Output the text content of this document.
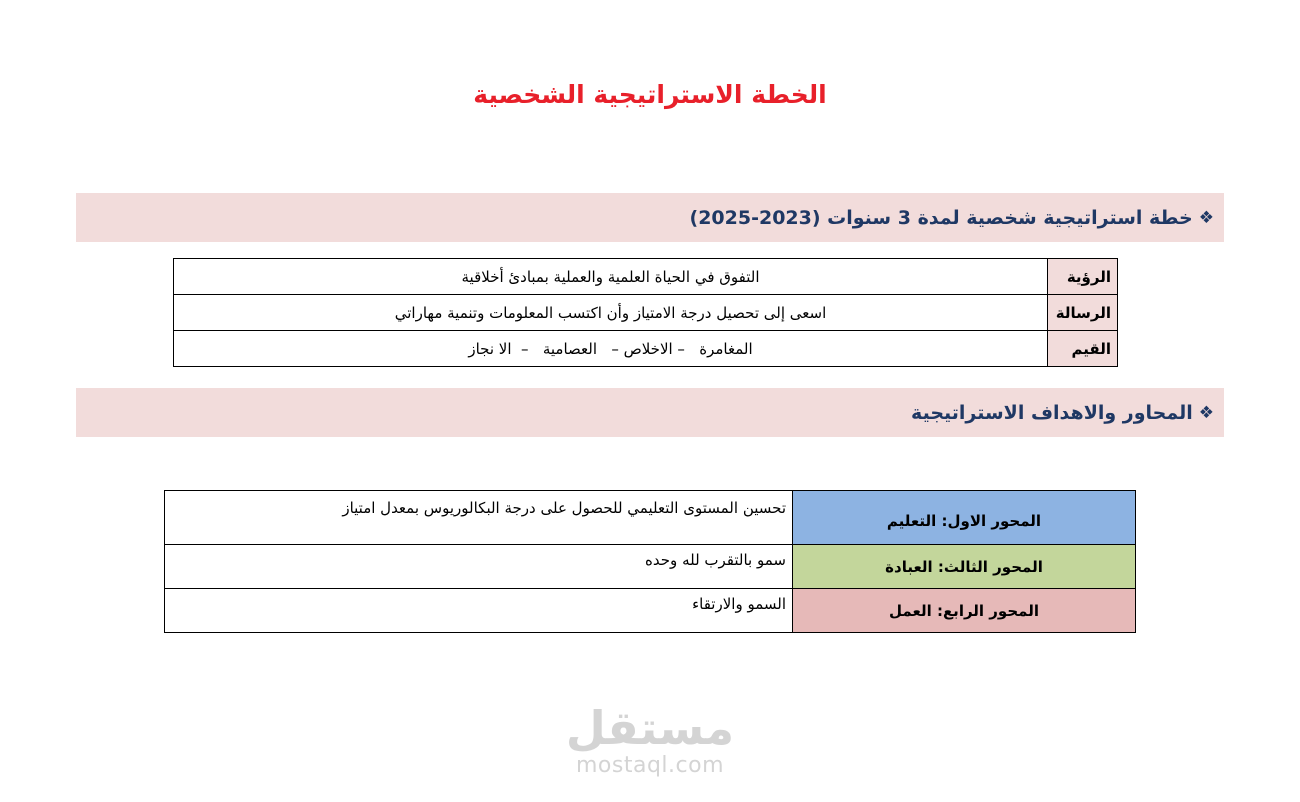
الخطة الاستراتيجية الشخصية
❖
خطة استراتيجية شخصية لمدة 3 سنوات (2023-2025)
الرؤية	التفوق في الحياة العلمية والعملية بمبادئ أخلاقية
الرسالة	اسعى إلى تحصيل درجة الامتياز وأن اكتسب المعلومات وتنمية مهاراتي
القيم	المغامرة   – الاخلاص –   العصامية   –  الا نجاز
❖
المحاور والاهداف الاستراتيجية
المحور الاول: التعليم	تحسين المستوى التعليمي للحصول على درجة البكالوريوس بمعدل امتياز
المحور الثالث: العبادة	سمو بالتقرب لله وحده
المحور الرابع: العمل	السمو والارتقاء
مستقل
mostaql.com
